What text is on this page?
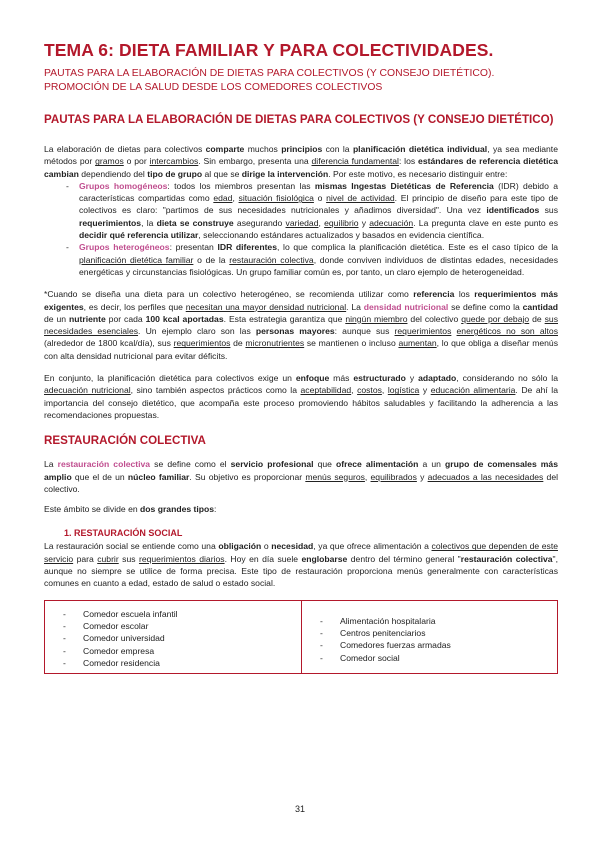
TEMA 6: DIETA FAMILIAR Y PARA COLECTIVIDADES.
PAUTAS PARA LA ELABORACIÓN DE DIETAS PARA COLECTIVOS (Y CONSEJO DIETÉTICO).
PROMOCIÓN DE LA SALUD DESDE LOS COMEDORES COLECTIVOS
PAUTAS PARA LA ELABORACIÓN DE DIETAS PARA COLECTIVOS (Y CONSEJO DIETÉTICO)

La elaboración de dietas para colectivos comparte muchos principios con la planificación dietética individual, ya sea mediante métodos por gramos o por intercambios. Sin embargo, presenta una diferencia fundamental: los estándares de referencia dietética cambian dependiendo del tipo de grupo al que se dirige la intervención. Por este motivo, es necesario distinguir entre:

- Grupos homogéneos: todos los miembros presentan las mismas Ingestas Dietéticas de Referencia (IDR) debido a características compartidas como edad, situación fisiológica o nivel de actividad. El principio de diseño para este tipo de colectivos es claro: "partimos de sus necesidades nutricionales y añadimos diversidad". Una vez identificados sus requerimientos, la dieta se construye asegurando variedad, equilibrio y adecuación. La pregunta clave en este punto es decidir qué referencia utilizar, seleccionando estándares actualizados y basados en evidencia científica.
- Grupos heterogéneos: presentan IDR diferentes, lo que complica la planificación dietética. Este es el caso típico de la planificación dietética familiar o de la restauración colectiva, donde conviven individuos de distintas edades, necesidades energéticas y circunstancias fisiológicas. Un grupo familiar común es, por tanto, un claro ejemplo de heterogeneidad.

*Cuando se diseña una dieta para un colectivo heterogéneo, se recomienda utilizar como referencia los requerimientos más exigentes, es decir, los perfiles que necesitan una mayor densidad nutricional. La densidad nutricional se define como la cantidad de un nutriente por cada 100 kcal aportadas. Esta estrategia garantiza que ningún miembro del colectivo quede por debajo de sus necesidades esenciales. Un ejemplo claro son las personas mayores: aunque sus requerimientos energéticos no son altos (alrededor de 1800 kcal/día), sus requerimientos de micronutrientes se mantienen o incluso aumentan, lo que obliga a diseñar menús con alta densidad nutricional para evitar déficits.

En conjunto, la planificación dietética para colectivos exige un enfoque más estructurado y adaptado, considerando no sólo la adecuación nutricional, sino también aspectos prácticos como la aceptabilidad, costos, logística y educación alimentaria. De ahí la importancia del consejo dietético, que acompaña este proceso promoviendo hábitos saludables y facilitando la adherencia a las recomendaciones propuestas.

RESTAURACIÓN COLECTIVA

La restauración colectiva se define como el servicio profesional que ofrece alimentación a un grupo de comensales más amplio que el de un núcleo familiar. Su objetivo es proporcionar menús seguros, equilibrados y adecuados a las necesidades del colectivo.

Este ámbito se divide en dos grandes tipos:

1. RESTAURACIÓN SOCIAL

La restauración social se entiende como una obligación o necesidad, ya que ofrece alimentación a colectivos que dependen de este servicio para cubrir sus requerimientos diarios. Hoy en día suele englobarse dentro del término general "restauración colectiva", aunque no siempre se utilice de forma precisa. Este tipo de restauración proporciona menús generalmente con características comunes en cuanto a edad, estado de salud o estado social.

- Comedor escuela infantil
- Comedor escolar
- Comedor universidad
- Comedor empresa
- Comedor residencia
- Alimentación hospitalaria
- Centros penitenciarios
- Comedores fuerzas armadas
- Comedor social
31
